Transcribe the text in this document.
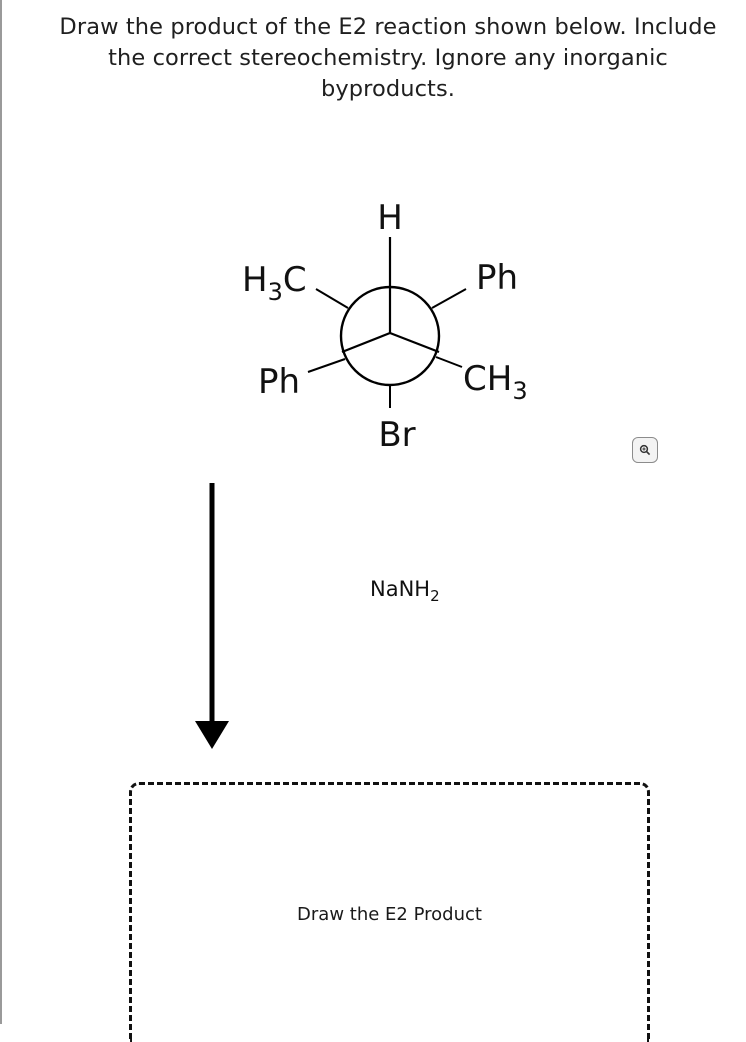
Draw the product of the E2 reaction shown below. Include
the correct stereochemistry. Ignore any inorganic
byproducts.
H
Br
$H_3C$	Ph
Ph	$CH_3$
NaNH$_2$
Draw the E2 Product
